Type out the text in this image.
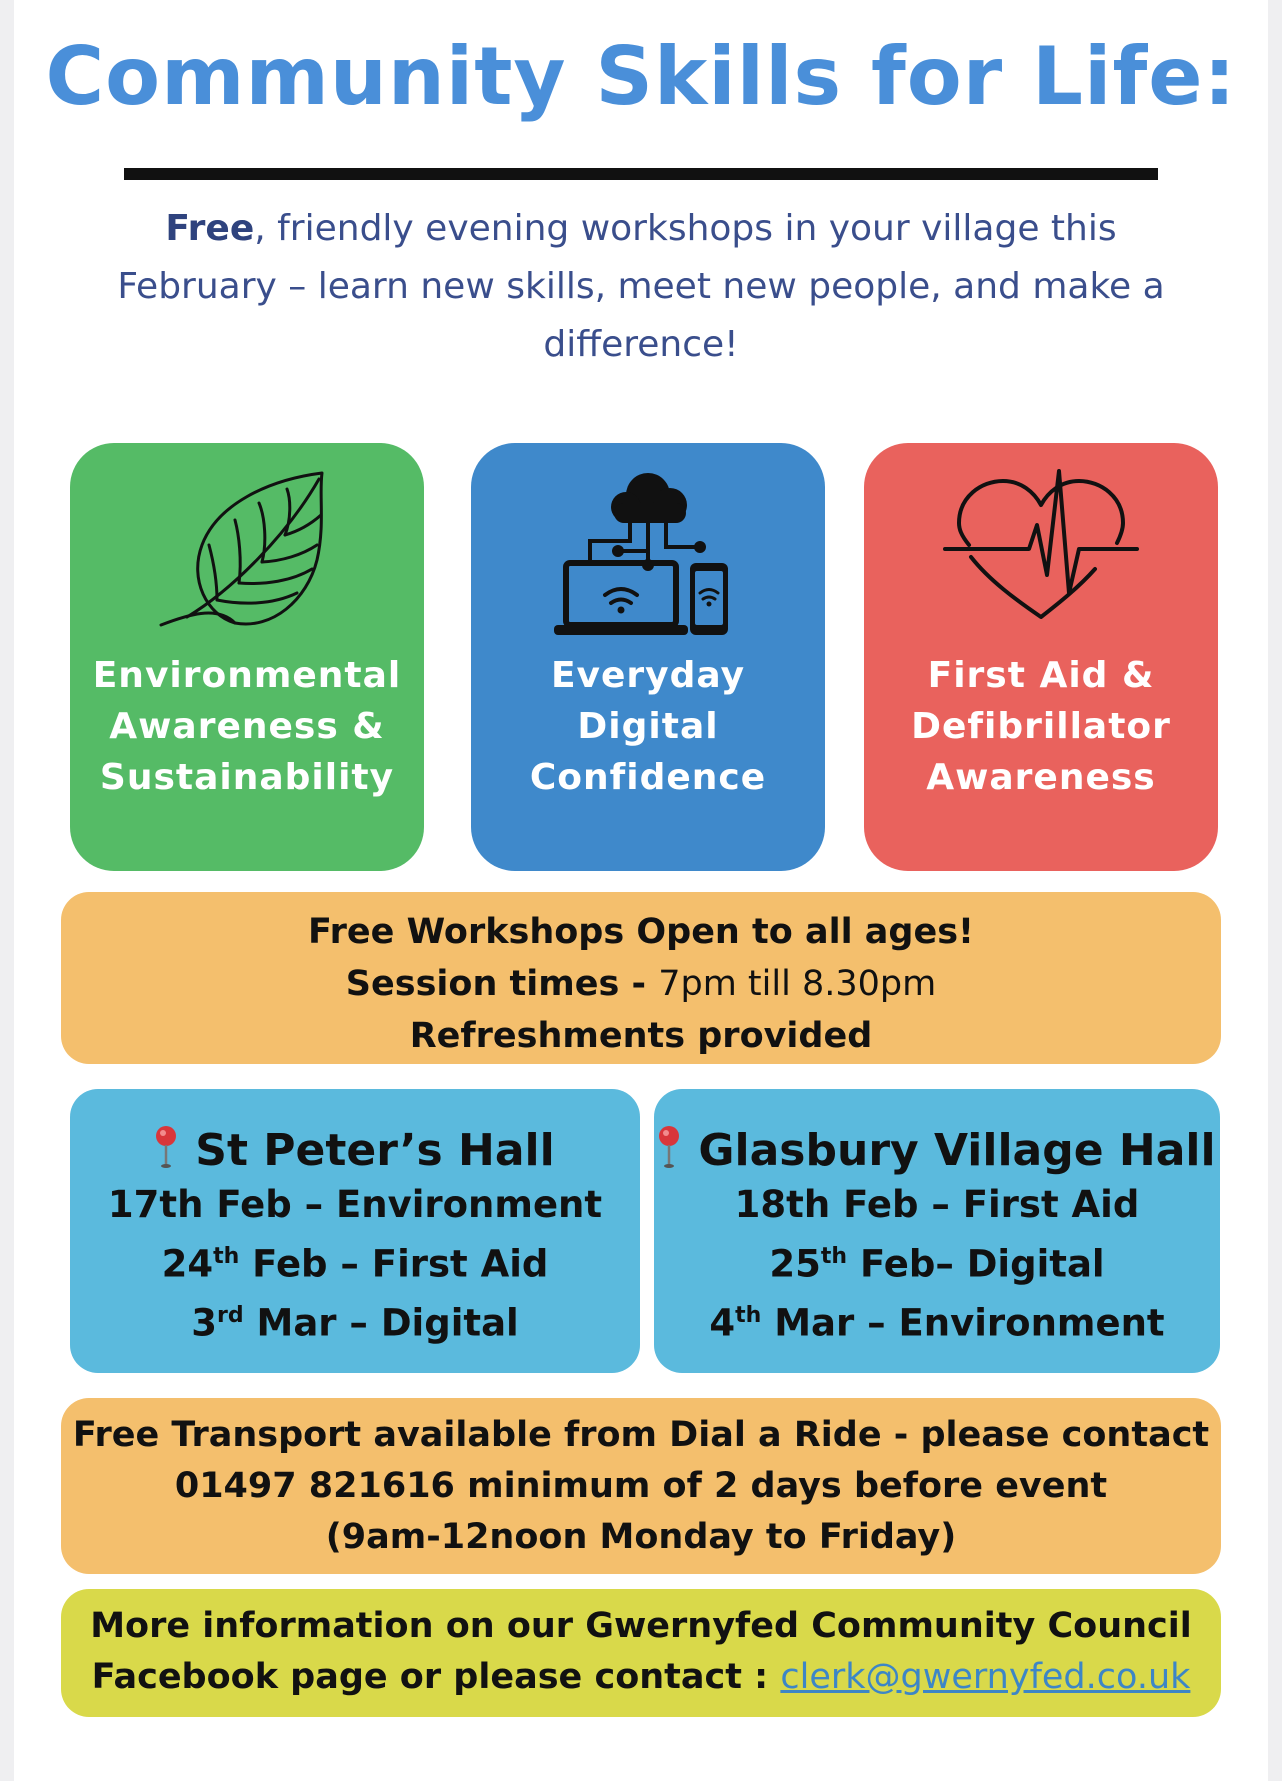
Community Skills for Life:

Free, friendly evening workshops in your village this February – learn new skills, meet new people, and make a difference!

Environmental
Awareness &
Sustainability
Everyday
Digital
Confidence
First Aid &
Defibrillator
Awareness
Free Workshops Open to all ages!
Session times - 7pm till 8.30pm
Refreshments provided
St Peter’s Hall
17th Feb – Environment
24th Feb – First Aid
3rd Mar – Digital
Glasbury Village Hall
18th Feb – First Aid
25th Feb– Digital
4th Mar – Environment
Free Transport available from Dial a Ride - please contact
01497 821616 minimum of 2 days before event
(9am-12noon Monday to Friday)
More information on our Gwernyfed Community Council
Facebook page or please contact : clerk@gwernyfed.co.uk
